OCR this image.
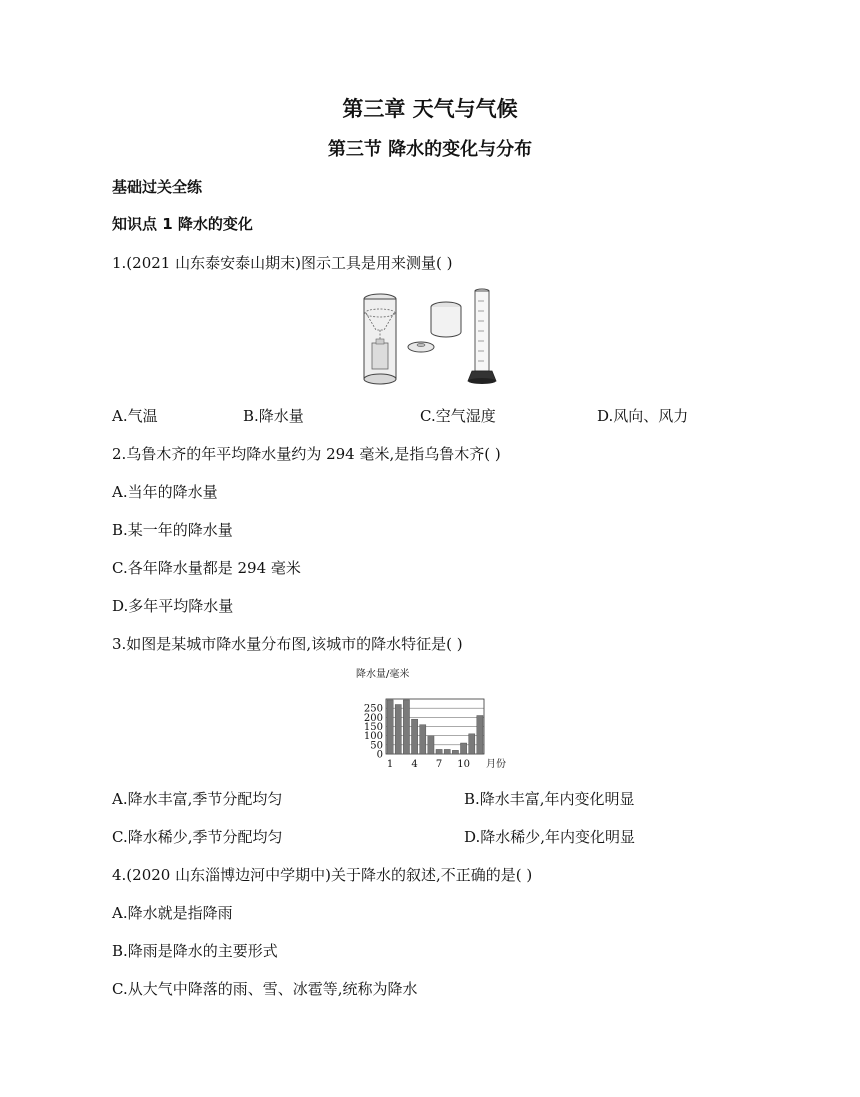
第三章 天气与气候
第三节 降水的变化与分布
基础过关全练
知识点 1 降水的变化
1.(2021 山东泰安泰山期末)图示工具是用来测量( )
A.气温	B.降水量	C.空气湿度	D.风向、风力
2.乌鲁木齐的年平均降水量约为 294 毫米,是指乌鲁木齐( )
A.当年的降水量
B.某一年的降水量
C.各年降水量都是 294 毫米
D.多年平均降水量
3.如图是某城市降水量分布图,该城市的降水特征是( )
降水量/毫米
月份
0
50
100
150
200
250
1 4 7 10
A.降水丰富,季节分配均匀	B.降水丰富,年内变化明显
C.降水稀少,季节分配均匀	D.降水稀少,年内变化明显
4.(2020 山东淄博边河中学期中)关于降水的叙述,不正确的是( )
A.降水就是指降雨
B.降雨是降水的主要形式
C.从大气中降落的雨、雪、冰雹等,统称为降水
